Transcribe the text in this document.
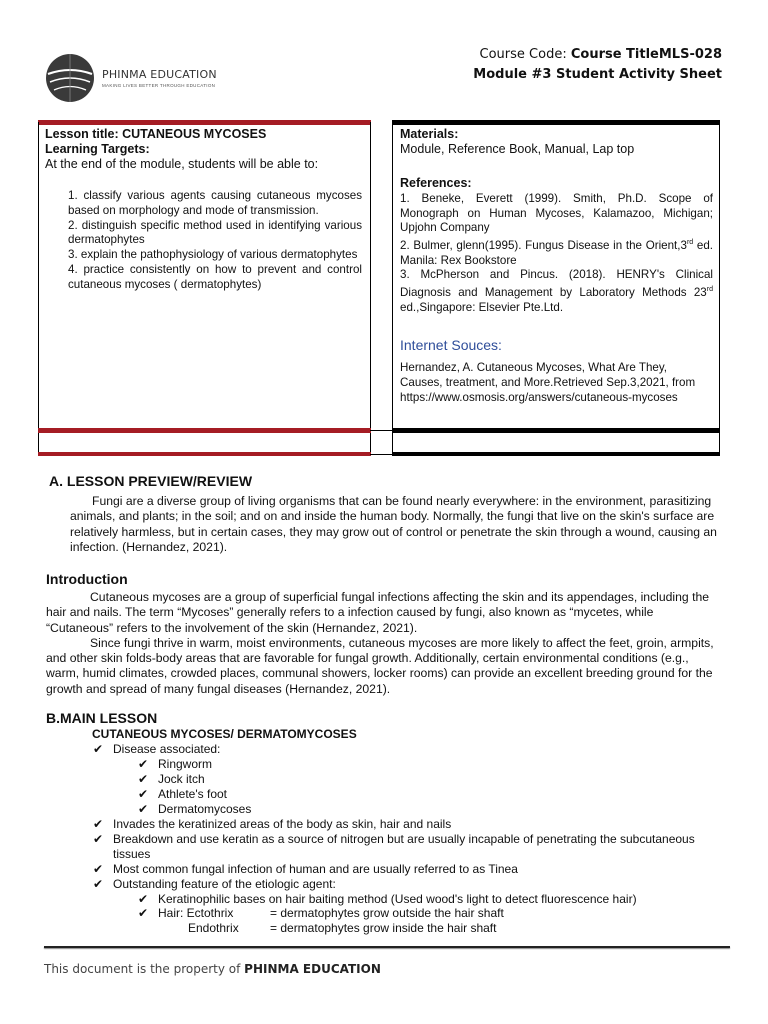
PHINMA EDUCATION
MAKING LIVES BETTER THROUGH EDUCATION
Course Code: Course TitleMLS-028
Module #3 Student Activity Sheet
Lesson title: CUTANEOUS MYCOSES
Learning Targets:
At the end of the module, students will be able to:
1. classify various agents causing cutaneous mycoses based on morphology and mode of transmission.
2. distinguish specific method used in identifying various dermatophytes
3. explain the pathophysiology of various dermatophytes
4. practice consistently on how to prevent and control cutaneous mycoses ( dermatophytes)
Materials:
Module, Reference Book, Manual, Lap top
References:
1. Beneke, Everett (1999). Smith, Ph.D. Scope of Monograph on Human Mycoses, Kalamazoo, Michigan; Upjohn Company
2. Bulmer, glenn(1995). Fungus Disease in the Orient,3rd ed. Manila: Rex Bookstore
3. McPherson and Pincus. (2018). HENRY's Clinical Diagnosis and Management by Laboratory Methods 23rd ed.,Singapore: Elsevier Pte.Ltd.
Internet Souces:
Hernandez, A. Cutaneous Mycoses, What Are They, Causes, treatment, and More.Retrieved Sep.3,2021, from https://www.osmosis.org/answers/cutaneous-mycoses
A. LESSON PREVIEW/REVIEW
Fungi are a diverse group of living organisms that can be found nearly everywhere: in the environment, parasitizing animals, and plants; in the soil; and on and inside the human body. Normally, the fungi that live on the skin's surface are relatively harmless, but in certain cases, they may grow out of control or penetrate the skin through a wound, causing an infection. (Hernandez, 2021).
Introduction
Cutaneous mycoses are a group of superficial fungal infections affecting the skin and its appendages, including the hair and nails. The term “Mycoses” generally refers to a infection caused by fungi, also known as “mycetes, while “Cutaneous” refers to the involvement of the skin (Hernandez, 2021).
Since fungi thrive in warm, moist environments, cutaneous mycoses are more likely to affect the feet, groin, armpits, and other skin folds-body areas that are favorable for fungal growth. Additionally, certain environmental conditions (e.g., warm, humid climates, crowded places, communal showers, locker rooms) can provide an excellent breeding ground for the growth and spread of many fungal diseases (Hernandez, 2021).
B.MAIN LESSON
CUTANEOUS MYCOSES/ DERMATOMYCOSES
✔ Disease associated:
✔ Ringworm
✔ Jock itch
✔ Athlete's foot
✔ Dermatomycoses
✔ Invades the keratinized areas of the body as skin, hair and nails
✔ Breakdown and use keratin as a source of nitrogen but are usually incapable of penetrating the subcutaneous
tissues
✔ Most common fungal infection of human and are usually referred to as Tinea
✔ Outstanding feature of the etiologic agent:
✔ Keratinophilic bases on hair baiting method (Used wood's light to detect fluorescence hair)
✔ Hair: Ectothrix	= dermatophytes grow outside the hair shaft
Endothrix	= dermatophytes grow inside the hair shaft
This document is the property of PHINMA EDUCATION
